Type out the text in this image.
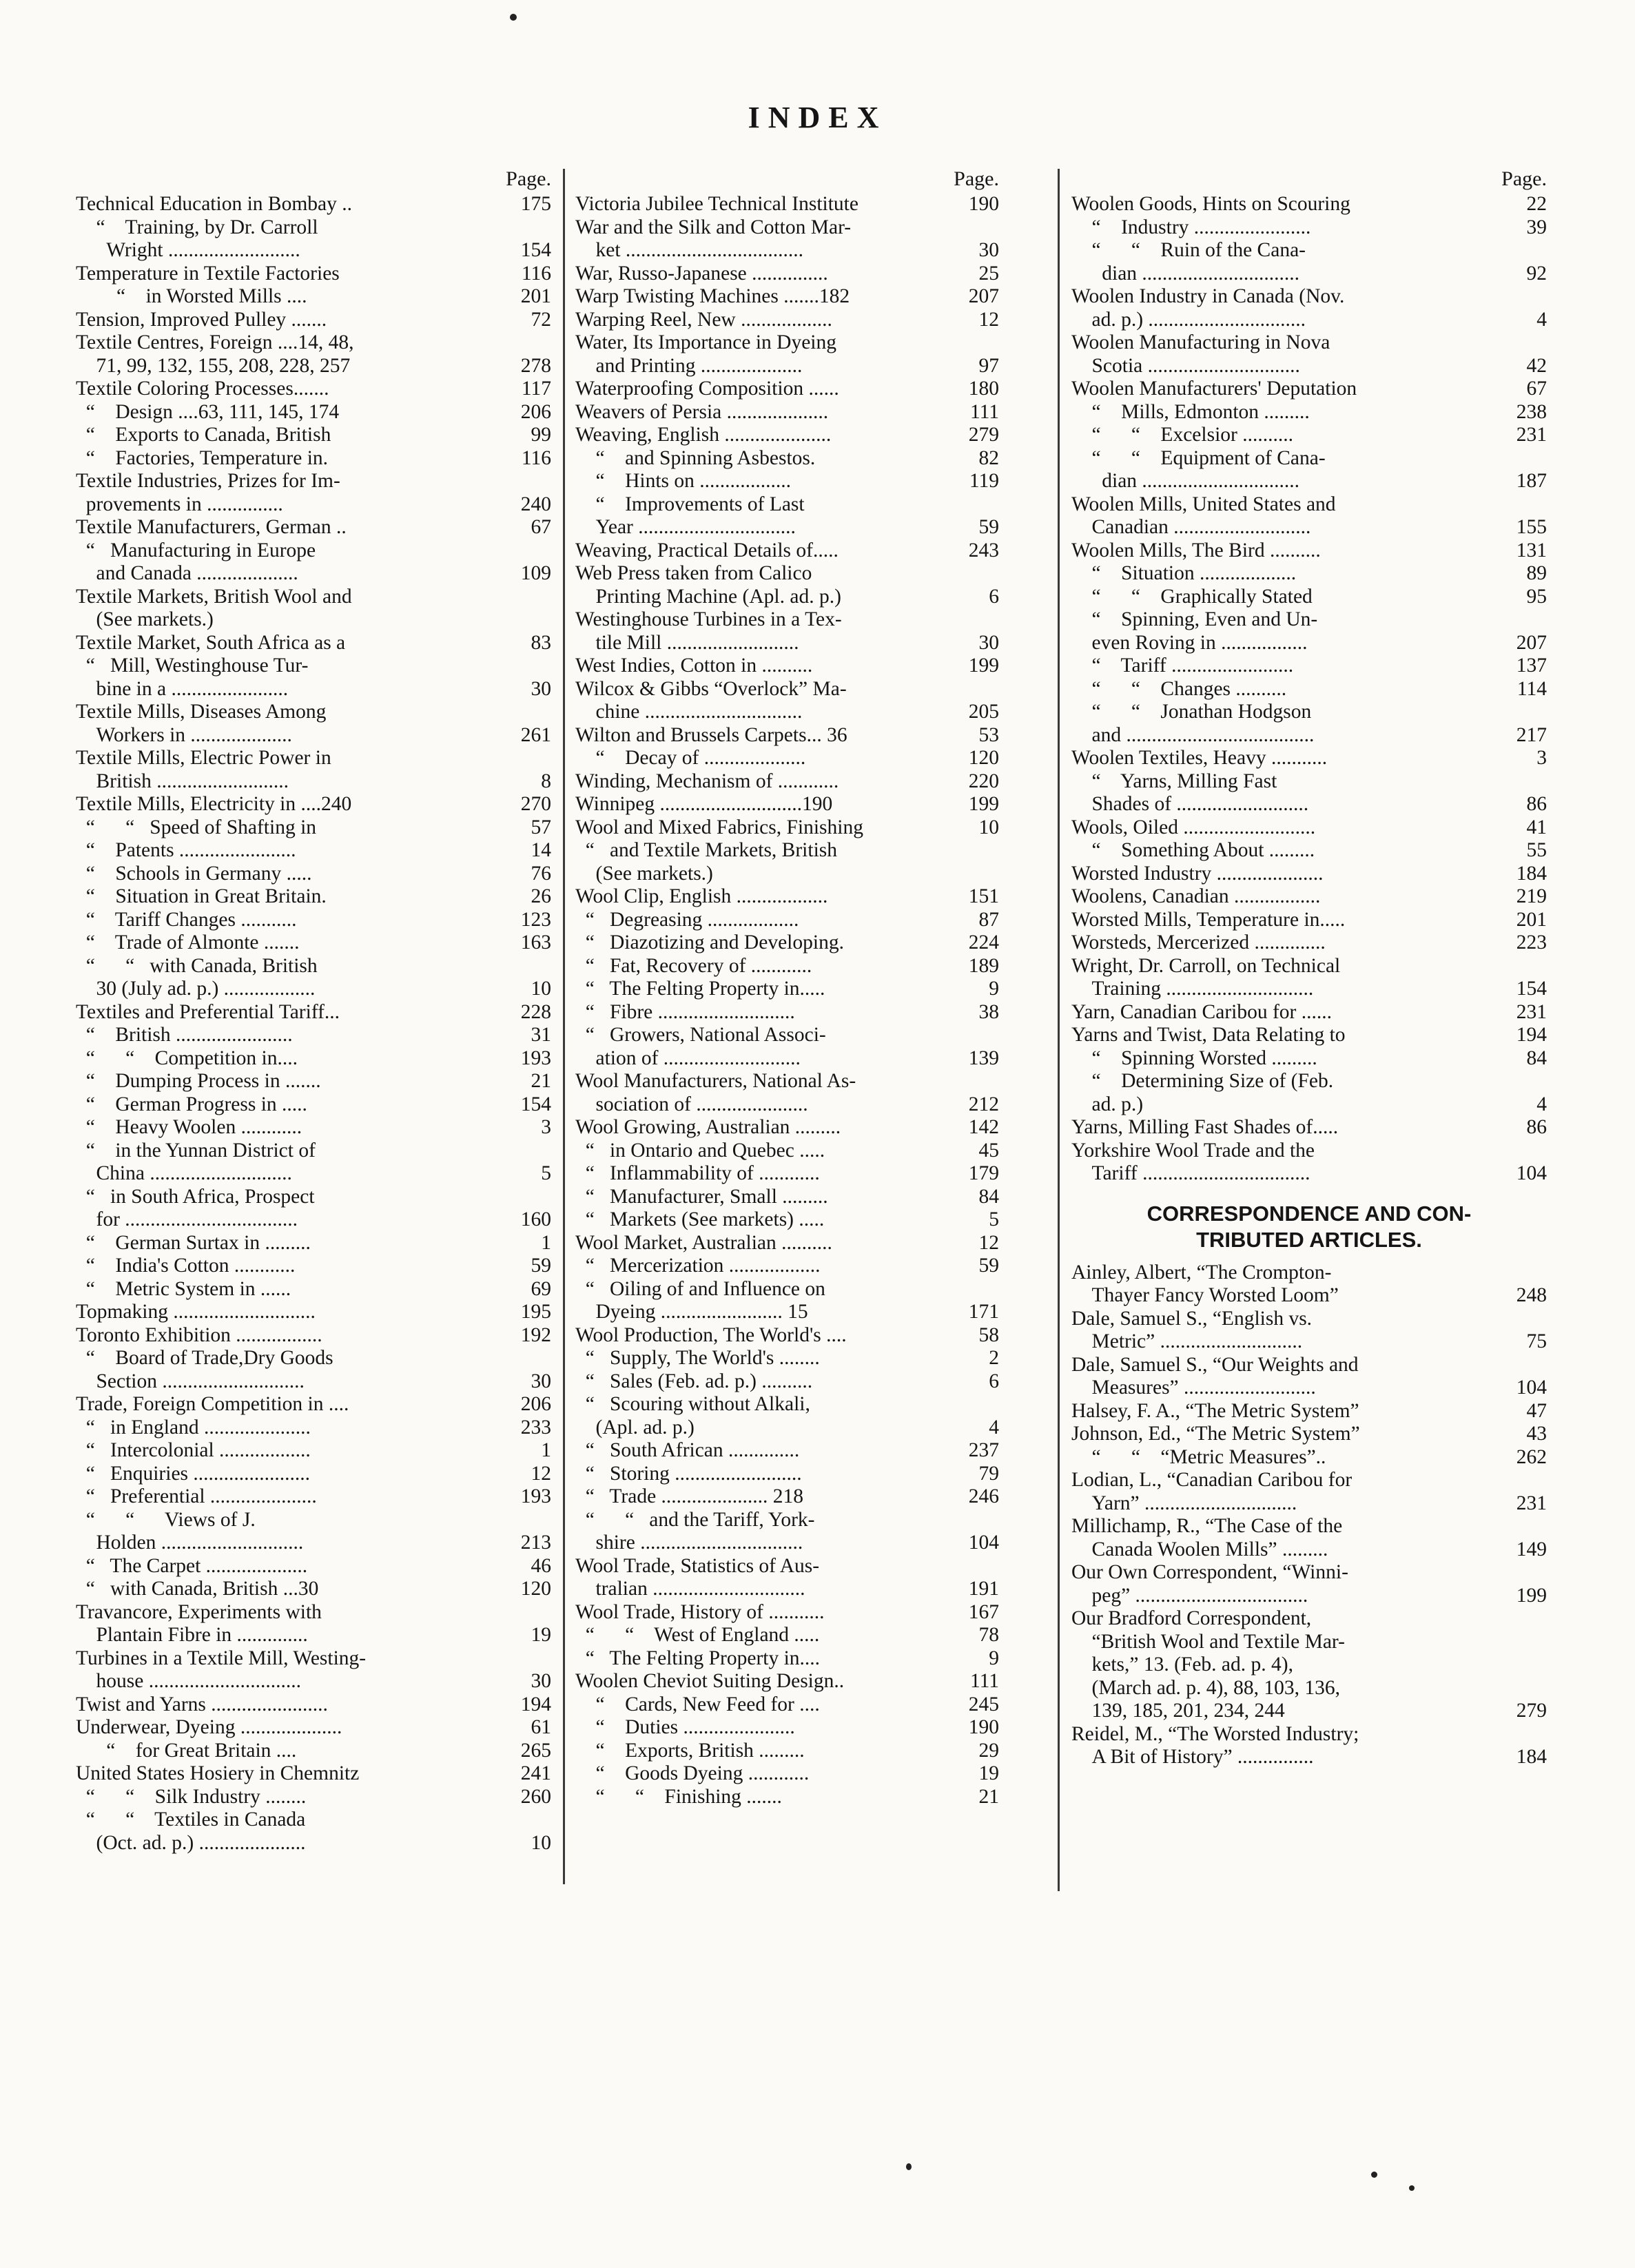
INDEX
Page.
Technical Education in Bombay ..	175
“    Training, by Dr. Carroll
Wright ..........................	154
Temperature in Textile Factories	116
“    in Worsted Mills ....	201
Tension, Improved Pulley .......	72
Textile Centres, Foreign ....14, 48,
71, 99, 132, 155, 208, 228, 257	278
Textile Coloring Processes.......	117
“    Design ....63, 111, 145, 174	206
“    Exports to Canada, British	99
“    Factories, Temperature in.	116
Textile Industries, Prizes for Im-
provements in ...............	240
Textile Manufacturers, German ..	67
“   Manufacturing in Europe
and Canada ....................	109
Textile Markets, British Wool and
(See markets.)
Textile Market, South Africa as a	83
“   Mill, Westinghouse Tur-
bine in a .......................	30
Textile Mills, Diseases Among
Workers in ....................	261
Textile Mills, Electric Power in
British ..........................	8
Textile Mills, Electricity in ....240	270
“      “   Speed of Shafting in	57
“    Patents .......................	14
“    Schools in Germany .....	76
“    Situation in Great Britain.	26
“    Tariff Changes ...........	123
“    Trade of Almonte .......	163
“      “   with Canada, British
30 (July ad. p.) ..................	10
Textiles and Preferential Tariff...	228
“    British .......................	31
“      “    Competition in....	193
“    Dumping Process in .......	21
“    German Progress in .....	154
“    Heavy Woolen ............	3
“    in the Yunnan District of
China ............................	5
“   in South Africa, Prospect
for ..................................	160
“    German Surtax in .........	1
“    India's Cotton ............	59
“    Metric System in ......	69
Topmaking ............................	195
Toronto Exhibition .................	192
“    Board of Trade,Dry Goods
Section ............................	30
Trade, Foreign Competition in ....	206
“   in England .....................	233
“   Intercolonial ..................	1
“   Enquiries .......................	12
“   Preferential .....................	193
“      “      Views of J.
Holden ............................	213
“   The Carpet ....................	46
“   with Canada, British ...30	120
Travancore, Experiments with
Plantain Fibre in ..............	19
Turbines in a Textile Mill, Westing-
house ..............................	30
Twist and Yarns .......................	194
Underwear, Dyeing ....................	61
“    for Great Britain ....	265
United States Hosiery in Chemnitz	241
“      “    Silk Industry ........	260
“      “    Textiles in Canada
(Oct. ad. p.) .....................	10
Page.
Victoria Jubilee Technical Institute	190
War and the Silk and Cotton Mar-
ket ...................................	30
War, Russo-Japanese ...............	25
Warp Twisting Machines .......182	207
Warping Reel, New ..................	12
Water, Its Importance in Dyeing
and Printing ....................	97
Waterproofing Composition ......	180
Weavers of Persia ....................	111
Weaving, English .....................	279
“    and Spinning Asbestos.	82
“    Hints on ..................	119
“    Improvements of Last
Year ...............................	59
Weaving, Practical Details of.....	243
Web Press taken from Calico
Printing Machine (Apl. ad. p.)	6
Westinghouse Turbines in a Tex-
tile Mill ..........................	30
West Indies, Cotton in ..........	199
Wilcox & Gibbs “Overlock” Ma-
chine ...............................	205
Wilton and Brussels Carpets... 36	53
“    Decay of ....................	120
Winding, Mechanism of ............	220
Winnipeg ............................190	199
Wool and Mixed Fabrics, Finishing	10
“   and Textile Markets, British
(See markets.)
Wool Clip, English ..................	151
“   Degreasing ..................	87
“   Diazotizing and Developing.	224
“   Fat, Recovery of ............	189
“   The Felting Property in.....	9
“   Fibre ...........................	38
“   Growers, National Associ-
ation of ...........................	139
Wool Manufacturers, National As-
sociation of ......................	212
Wool Growing, Australian .........	142
“   in Ontario and Quebec .....	45
“   Inflammability of ............	179
“   Manufacturer, Small .........	84
“   Markets (See markets) .....	5
Wool Market, Australian ..........	12
“   Mercerization ..................	59
“   Oiling of and Influence on
Dyeing ........................ 15	171
Wool Production, The World's ....	58
“   Supply, The World's ........	2
“   Sales (Feb. ad. p.) ..........	6
“   Scouring without Alkali,
(Apl. ad. p.)	4
“   South African ..............	237
“   Storing .........................	79
“   Trade ..................... 218	246
“      “   and the Tariff, York-
shire ................................	104
Wool Trade, Statistics of Aus-
tralian ..............................	191
Wool Trade, History of ...........	167
“      “    West of England .....	78
“   The Felting Property in....	9
Woolen Cheviot Suiting Design..	111
“    Cards, New Feed for ....	245
“    Duties ......................	190
“    Exports, British .........	29
“    Goods Dyeing ............	19
“      “    Finishing .......	21
Page.
Woolen Goods, Hints on Scouring	22
“    Industry .......................	39
“      “    Ruin of the Cana-
dian ...............................	92
Woolen Industry in Canada (Nov.
ad. p.) ...............................	4
Woolen Manufacturing in Nova
Scotia ..............................	42
Woolen Manufacturers' Deputation	67
“    Mills, Edmonton .........	238
“      “    Excelsior ..........	231
“      “    Equipment of Cana-
dian ...............................	187
Woolen Mills, United States and
Canadian ...........................	155
Woolen Mills, The Bird ..........	131
“    Situation ...................	89
“      “    Graphically Stated	95
“    Spinning, Even and Un-
even Roving in .................	207
“    Tariff ........................	137
“      “    Changes ..........	114
“      “    Jonathan Hodgson
and .....................................	217
Woolen Textiles, Heavy ...........	3
“    Yarns, Milling Fast
Shades of ..........................	86
Wools, Oiled ..........................	41
“    Something About .........	55
Worsted Industry .....................	184
Woolens, Canadian .................	219
Worsted Mills, Temperature in.....	201
Worsteds, Mercerized ..............	223
Wright, Dr. Carroll, on Technical
Training .............................	154
Yarn, Canadian Caribou for ......	231
Yarns and Twist, Data Relating to	194
“    Spinning Worsted .........	84
“    Determining Size of (Feb.
ad. p.)	4
Yarns, Milling Fast Shades of.....	86
Yorkshire Wool Trade and the
Tariff .................................	104
CORRESPONDENCE AND CON-
TRIBUTED ARTICLES.
Ainley, Albert, “The Crompton-
Thayer Fancy Worsted Loom”	248
Dale, Samuel S., “English vs.
Metric” ............................	75
Dale, Samuel S., “Our Weights and
Measures” ..........................	104
Halsey, F. A., “The Metric System”	47
Johnson, Ed., “The Metric System”	43
“      “    “Metric Measures”..	262
Lodian, L., “Canadian Caribou for
Yarn” ..............................	231
Millichamp, R., “The Case of the
Canada Woolen Mills” .........	149
Our Own Correspondent, “Winni-
peg” ..................................	199
Our Bradford Correspondent,
“British Wool and Textile Mar-
kets,” 13. (Feb. ad. p. 4),
(March ad. p. 4), 88, 103, 136,
139, 185, 201, 234, 244	279
Reidel, M., “The Worsted Industry;
A Bit of History” ...............	184
